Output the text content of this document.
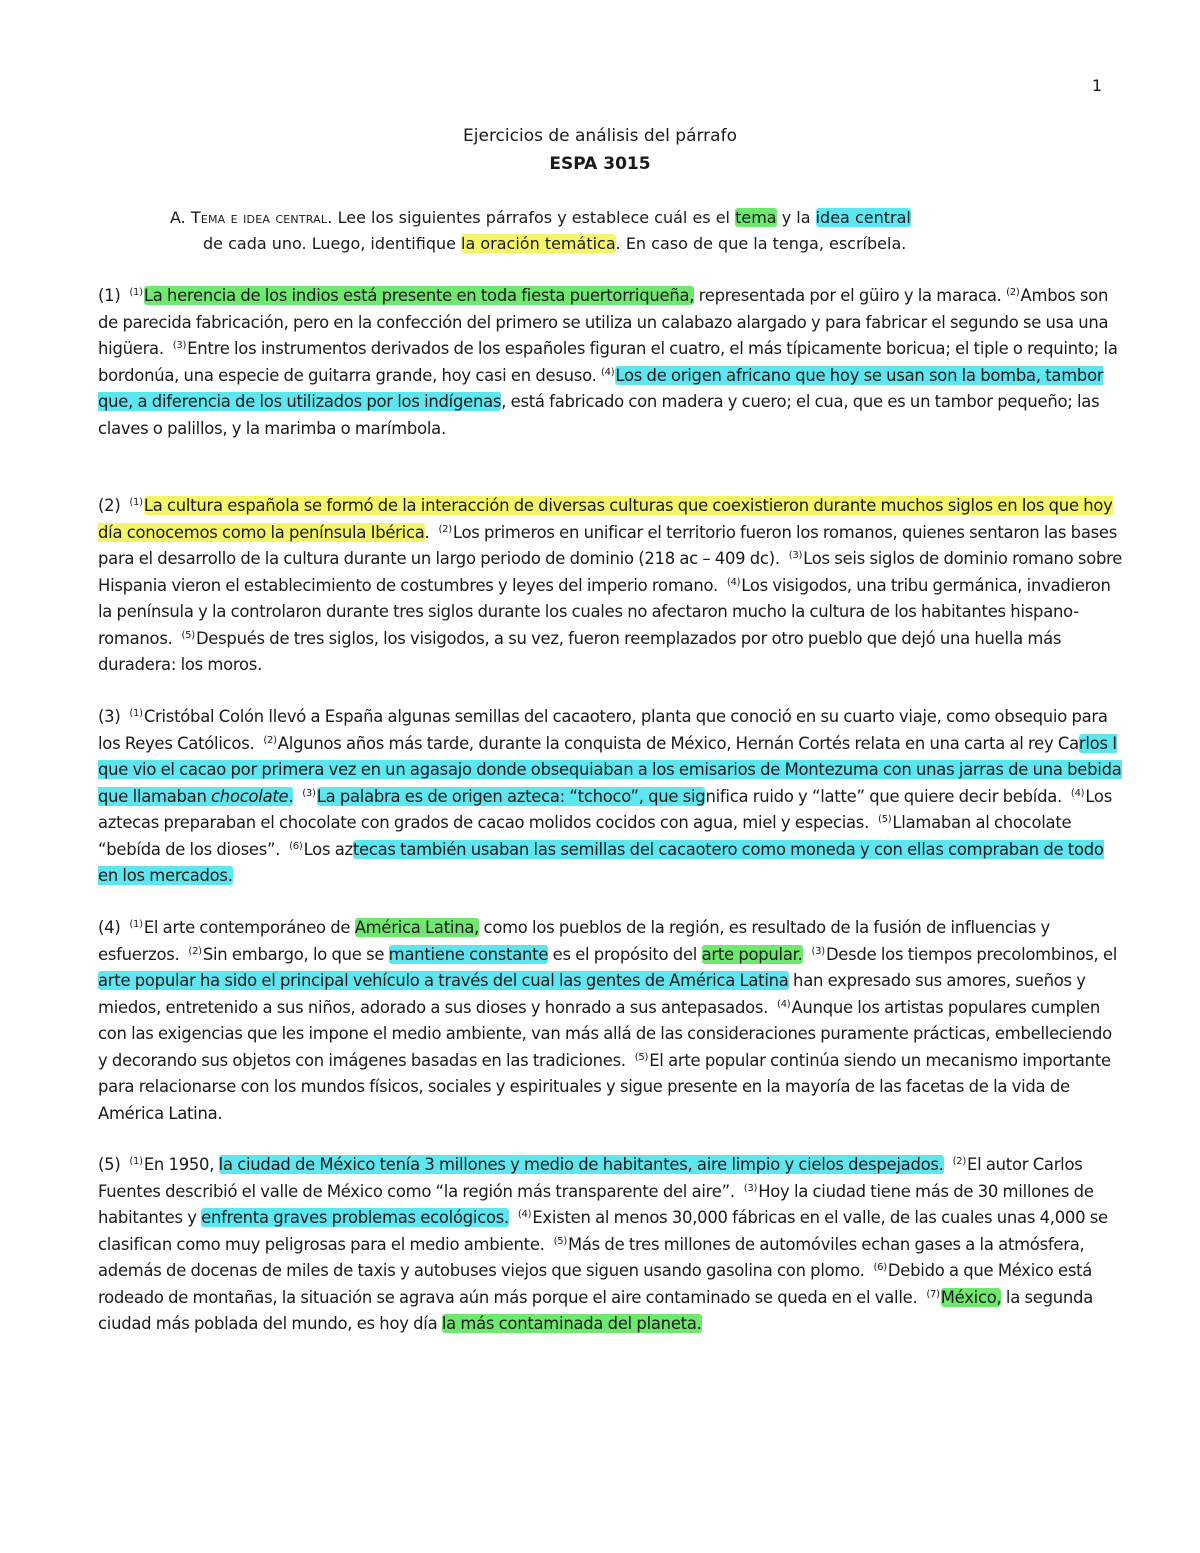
1
Ejercicios de análisis del párrafo
ESPA 3015
A. Tema e idea central. Lee los siguientes párrafos y establece cuál es el tema y la idea central
de cada uno. Luego, identifique la oración temática. En caso de que la tenga, escríbela.
(1) $^{(1)}$La herencia de los indios está presente en toda fiesta puertorriqueña, representada por el güiro y la maraca. $^{(2)}$Ambos son de parecida fabricación, pero en la confección del primero se utiliza un calabazo alargado y para fabricar el segundo se usa una higüera. $^{(3)}$Entre los instrumentos derivados de los españoles figuran el cuatro, el más típicamente boricua; el tiple o requinto; la bordonúa, una especie de guitarra grande, hoy casi en desuso. $^{(4)}$Los de origen africano que hoy se usan son la bomba, tambor que, a diferencia de los utilizados por los indígenas, está fabricado con madera y cuero; el cua, que es un tambor pequeño; las claves o palillos, y la marimba o marímbola.
(2) $^{(1)}$La cultura española se formó de la interacción de diversas culturas que coexistieron durante muchos siglos en los que hoy día conocemos como la península Ibérica. $^{(2)}$Los primeros en unificar el territorio fueron los romanos, quienes sentaron las bases para el desarrollo de la cultura durante un largo periodo de dominio (218 ac – 409 dc). $^{(3)}$Los seis siglos de dominio romano sobre Hispania vieron el establecimiento de costumbres y leyes del imperio romano. $^{(4)}$Los visigodos, una tribu germánica, invadieron la península y la controlaron durante tres siglos durante los cuales no afectaron mucho la cultura de los habitantes hispano-romanos. $^{(5)}$Después de tres siglos, los visigodos, a su vez, fueron reemplazados por otro pueblo que dejó una huella más duradera: los moros.
(3) $^{(1)}$Cristóbal Colón llevó a España algunas semillas del cacaotero, planta que conoció en su cuarto viaje, como obsequio para los Reyes Católicos. $^{(2)}$Algunos años más tarde, durante la conquista de México, Hernán Cortés relata en una carta al rey Carlos I que vio el cacao por primera vez en un agasajo donde obsequiaban a los emisarios de Montezuma con unas jarras de una bebida que llamaban chocolate. $^{(3)}$La palabra es de origen azteca: “tchoco”, que significa ruido y “latte” que quiere decir bebída. $^{(4)}$Los aztecas preparaban el chocolate con grados de cacao molidos cocidos con agua, miel y especias. $^{(5)}$Llamaban al chocolate “bebída de los dioses”. $^{(6)}$Los aztecas también usaban las semillas del cacaotero como moneda y con ellas compraban de todo en los mercados.
(4) $^{(1)}$El arte contemporáneo de América Latina, como los pueblos de la región, es resultado de la fusión de influencias y esfuerzos. $^{(2)}$Sin embargo, lo que se mantiene constante es el propósito del arte popular. $^{(3)}$Desde los tiempos precolombinos, el arte popular ha sido el principal vehículo a través del cual las gentes de América Latina han expresado sus amores, sueños y miedos, entretenido a sus niños, adorado a sus dioses y honrado a sus antepasados. $^{(4)}$Aunque los artistas populares cumplen con las exigencias que les impone el medio ambiente, van más allá de las consideraciones puramente prácticas, embelleciendo y decorando sus objetos con imágenes basadas en las tradiciones. $^{(5)}$El arte popular continúa siendo un mecanismo importante para relacionarse con los mundos físicos, sociales y espirituales y sigue presente en la mayoría de las facetas de la vida de América Latina.
(5) $^{(1)}$En 1950, la ciudad de México tenía 3 millones y medio de habitantes, aire limpio y cielos despejados. $^{(2)}$El autor Carlos Fuentes describió el valle de México como “la región más transparente del aire”. $^{(3)}$Hoy la ciudad tiene más de 30 millones de habitantes y enfrenta graves problemas ecológicos. $^{(4)}$Existen al menos 30,000 fábricas en el valle, de las cuales unas 4,000 se clasifican como muy peligrosas para el medio ambiente. $^{(5)}$Más de tres millones de automóviles echan gases a la atmósfera, además de docenas de miles de taxis y autobuses viejos que siguen usando gasolina con plomo. $^{(6)}$Debido a que México está rodeado de montañas, la situación se agrava aún más porque el aire contaminado se queda en el valle. $^{(7)}$México, la segunda ciudad más poblada del mundo, es hoy día la más contaminada del planeta.
